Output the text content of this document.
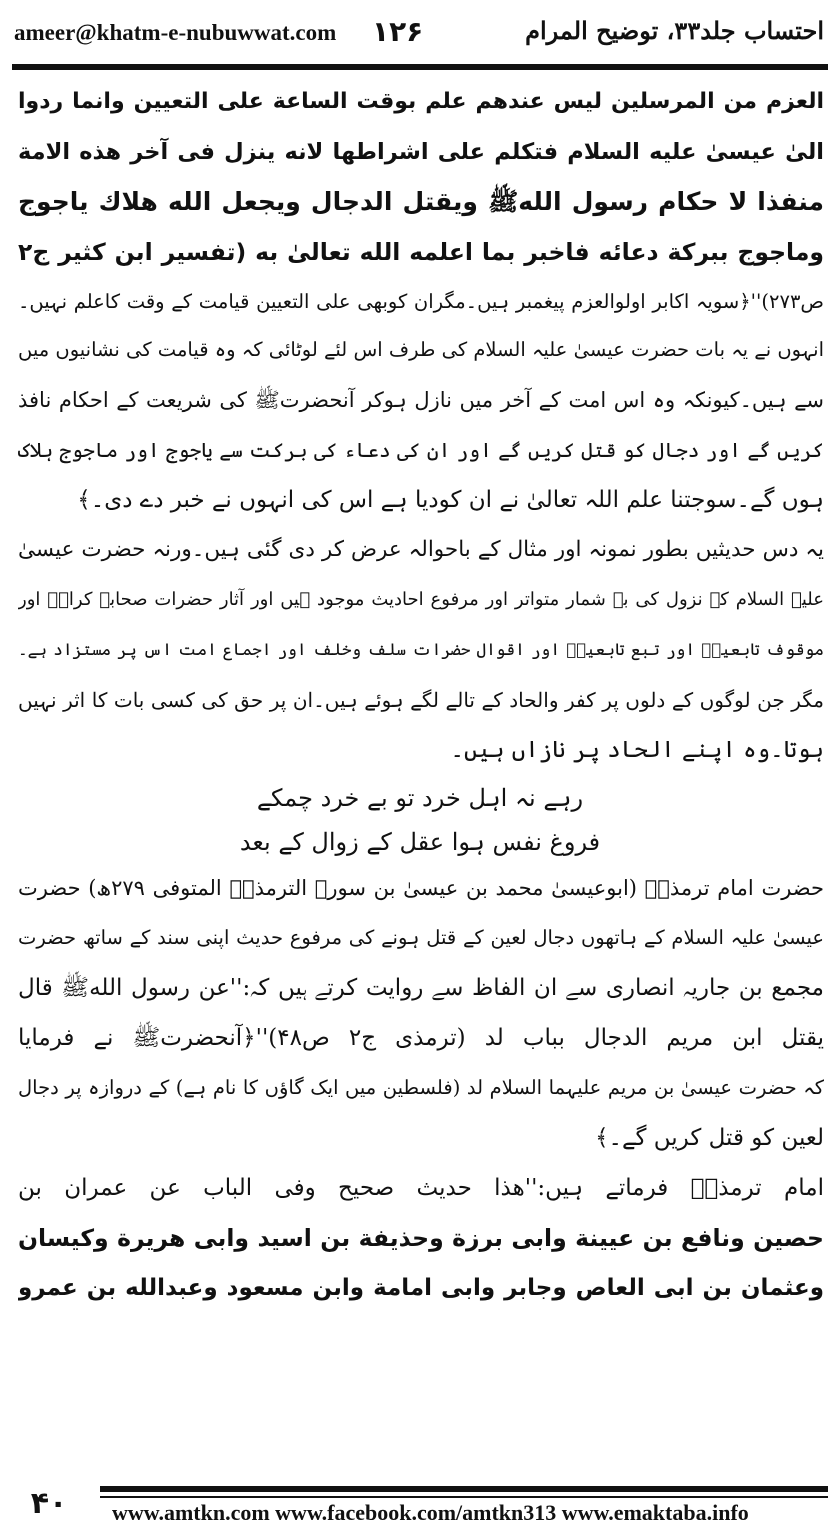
ameer@khatm-e-nubuwwat.com ۱۲۶	احتساب جلد۳۳، توضیح المرام
العزم من المرسلين ليس عندهم علم بوقت الساعة على التعيين وانما ردوا
الىٰ عيسىٰ عليه السلام فتكلم على اشراطها لانه ينزل فى آخر هذه الامة
منفذا لا حكام رسول اللهﷺ ويقتل الدجال ويجعل الله هلاك ياجوج
وماجوج ببركة دعائه فاخبر بما اعلمه الله تعالىٰ به (تفسير ابن كثير ج۲
ص۲۷۳)''﴿سویہ اکابر اولوالعزم پیغمبر ہیں۔مگران کوبھی علی التعیین قیامت کے وقت کاعلم نہیں۔
انہوں نے یہ بات حضرت عیسیٰ علیہ السلام کی طرف اس لئے لوٹائی کہ وہ قیامت کی نشانیوں میں
سے ہیں۔کیونکہ وہ اس امت کے آخر میں نازل ہوکر آنحضرتﷺ کی شریعت کے احکام نافذ
کریں گے اور دجال کو قتل کریں گے اور ان کی دعاء کی برکت سے یاجوج اور ماجوج ہلاک
ہوں گے۔سوجتنا علم اللہ تعالیٰ نے ان کودیا ہے اس کی انہوں نے خبر دے دی۔﴾
یہ دس حدیثیں بطور نمونہ اور مثال کے باحوالہ عرض کر دی گئی ہیں۔ورنہ حضرت عیسیٰ
علیہ السلام کے نزول کی بے شمار متواتر اور مرفوع احادیث موجود ہیں اور آثار حضرات صحابہ کرامؓ اور
موقوف تابعینؒ اور تبع تابعینؒ اور اقوال حضرات سلف وخلف اور اجماع امت اس پر مستزاد ہے۔
مگر جن لوگوں کے دلوں پر کفر والحاد کے تالے لگے ہوئے ہیں۔ان پر حق کی کسی بات کا اثر نہیں
ہوتا۔وہ اپنے الحاد پر نازاں ہیں۔
رہے نہ اہل خرد تو بے خرد چمکے
فروغ نفس ہوا عقل کے زوال کے بعد
حضرت امام ترمذیؒ (ابوعیسیٰ محمد بن عیسیٰ بن سورۃ الترمذیؒ المتوفی ۲۷۹ھ) حضرت
عیسیٰ علیہ السلام کے ہاتھوں دجال لعین کے قتل ہونے کی مرفوع حدیث اپنی سند کے ساتھ حضرت
مجمع بن جاریہ انصاری سے ان الفاظ سے روایت کرتے ہیں کہ:''عن رسول اللهﷺ قال
یقتل ابن مریم الدجال بباب لد (ترمذی ج۲ ص۴۸)''﴿آنحضرتﷺ نے فرمایا
کہ حضرت عیسیٰ بن مریم علیہما السلام لد (فلسطین میں ایک گاؤں کا نام ہے) کے دروازہ پر دجال
لعین کو قتل کریں گے۔﴾
امام ترمذیؒ فرماتے ہیں:''هذا حديث صحيح وفى الباب عن عمران بن
حصين ونافع بن عيينة وابى برزة وحذيفة بن اسيد وابى هريرة وكيسان
وعثمان بن ابى العاص وجابر وابى امامة وابن مسعود وعبدالله بن عمرو
۴۰	www.amtkn.com www.facebook.com/amtkn313 www.emaktaba.info
